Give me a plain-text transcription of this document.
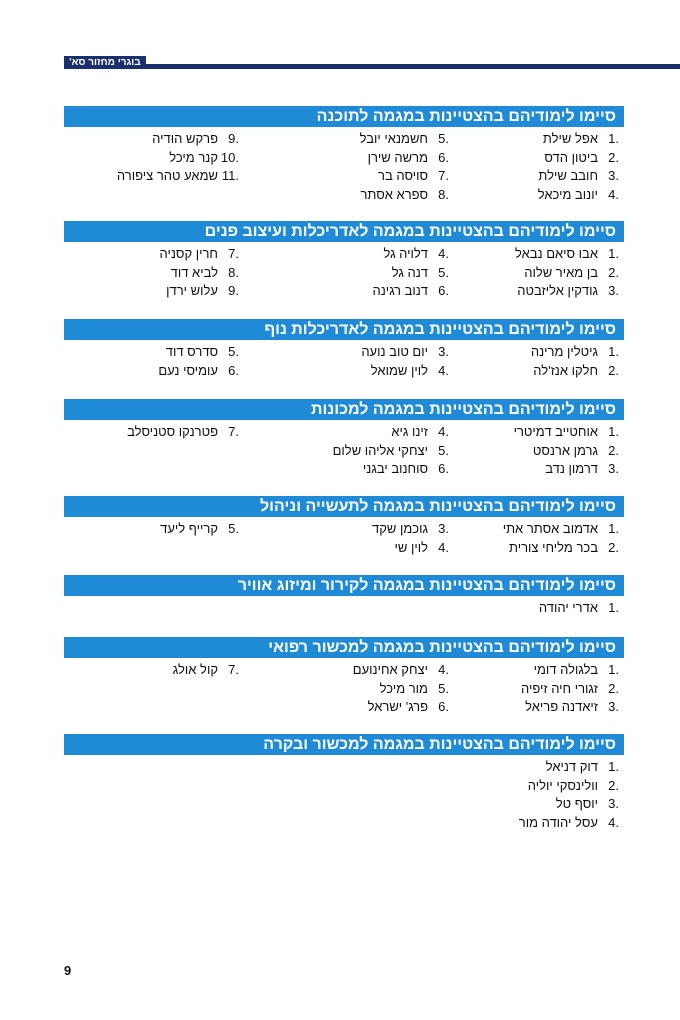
בוגרי מחזור סא'
סיימו לימודיהם בהצטיינות במגמה לתוכנה
1.
אפל שילת
2.
ביטון הדס
3.
חובב שילת
4.
יונוב מיכאל
5.
חשמנאי יובל
6.
מרשה שירן
7.
סויסה בר
8.
ספרא אסתר
9.
פרקש הודיה
10.
קנר מיכל
11.
שמאע טהר ציפורה
סיימו לימודיהם בהצטיינות במגמה לאדריכלות ועיצוב פנים
1.
אבו סיאם נבאל
2.
בן מאיר שלוה
3.
גודקין אליזבטה
4.
דלויה גל
5.
דנה גל
6.
דנוב רגינה
7.
חרין קסניה
8.
לביא דוד
9.
עלוש ירדן
סיימו לימודיהם בהצטיינות במגמה לאדריכלות נוף
1.
גיטלין מרינה
2.
חלקו אנז'לה
3.
יום טוב נועה
4.
לוין שמואל
5.
סדרס דוד
6.
עומיסי נעם
סיימו לימודיהם בהצטיינות במגמה למכונות
1.
אוחטייב דמיטרי
2.
גרמן ארנסט
3.
דרמון נדב
4.
זינו גיא
5.
יצחקי אליהו שלום
6.
סוחנוב יבגני
7.
פטרנקו סטניסלב
סיימו לימודיהם בהצטיינות במגמה לתעשייה וניהול
1.
אדמוב אסתר אתי
2.
בכר מליחי צורית
3.
גוכמן שקד
4.
לוין שי
5.
קרייף ליעד
סיימו לימודיהם בהצטיינות במגמה לקירור ומיזוג אוויר
1.
אדרי יהודה
סיימו לימודיהם בהצטיינות במגמה למכשור רפואי
1.
בלגולה דומי
2.
זגורי חיה זיפיה
3.
זיאדנה פריאל
4.
יצחק אחינועם
5.
מור מיכל
6.
פרג' ישראל
7.
קול אולג
סיימו לימודיהם בהצטיינות במגמה למכשור ובקרה
1.
דוק דניאל
2.
וולינסקי יוליה
3.
יוסף טל
4.
עסל יהודה מור
9
